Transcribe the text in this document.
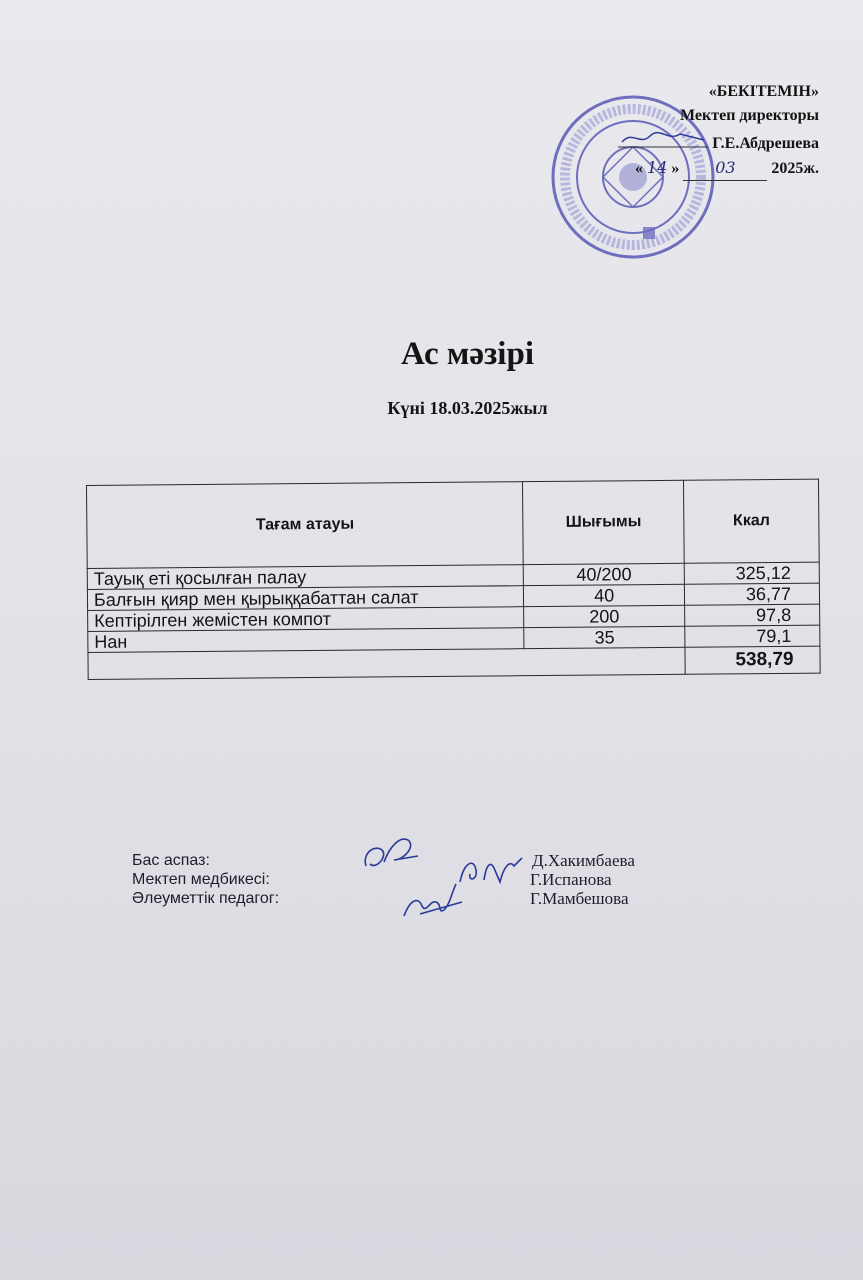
«БЕКІТЕМІН»
Мектеп директоры
Г.Е.Абдрешева
« 14 » 03 2025ж.
Ас мәзірі
Күні 18.03.2025жыл
Тағам атауы	Шығымы	Ккал
Тауық еті қосылған палау	40/200	325,12
Балғын қияр мен қырыққабаттан салат	40	36,77
Кептірілген жемістен компот	200	97,8
Нан	35	79,1
		538,79
Бас аспаз:	Д.Хакимбаева
Мектеп медбикесі:	Г.Испанова
Әлеуметтік педагог:	Г.Мамбешова
